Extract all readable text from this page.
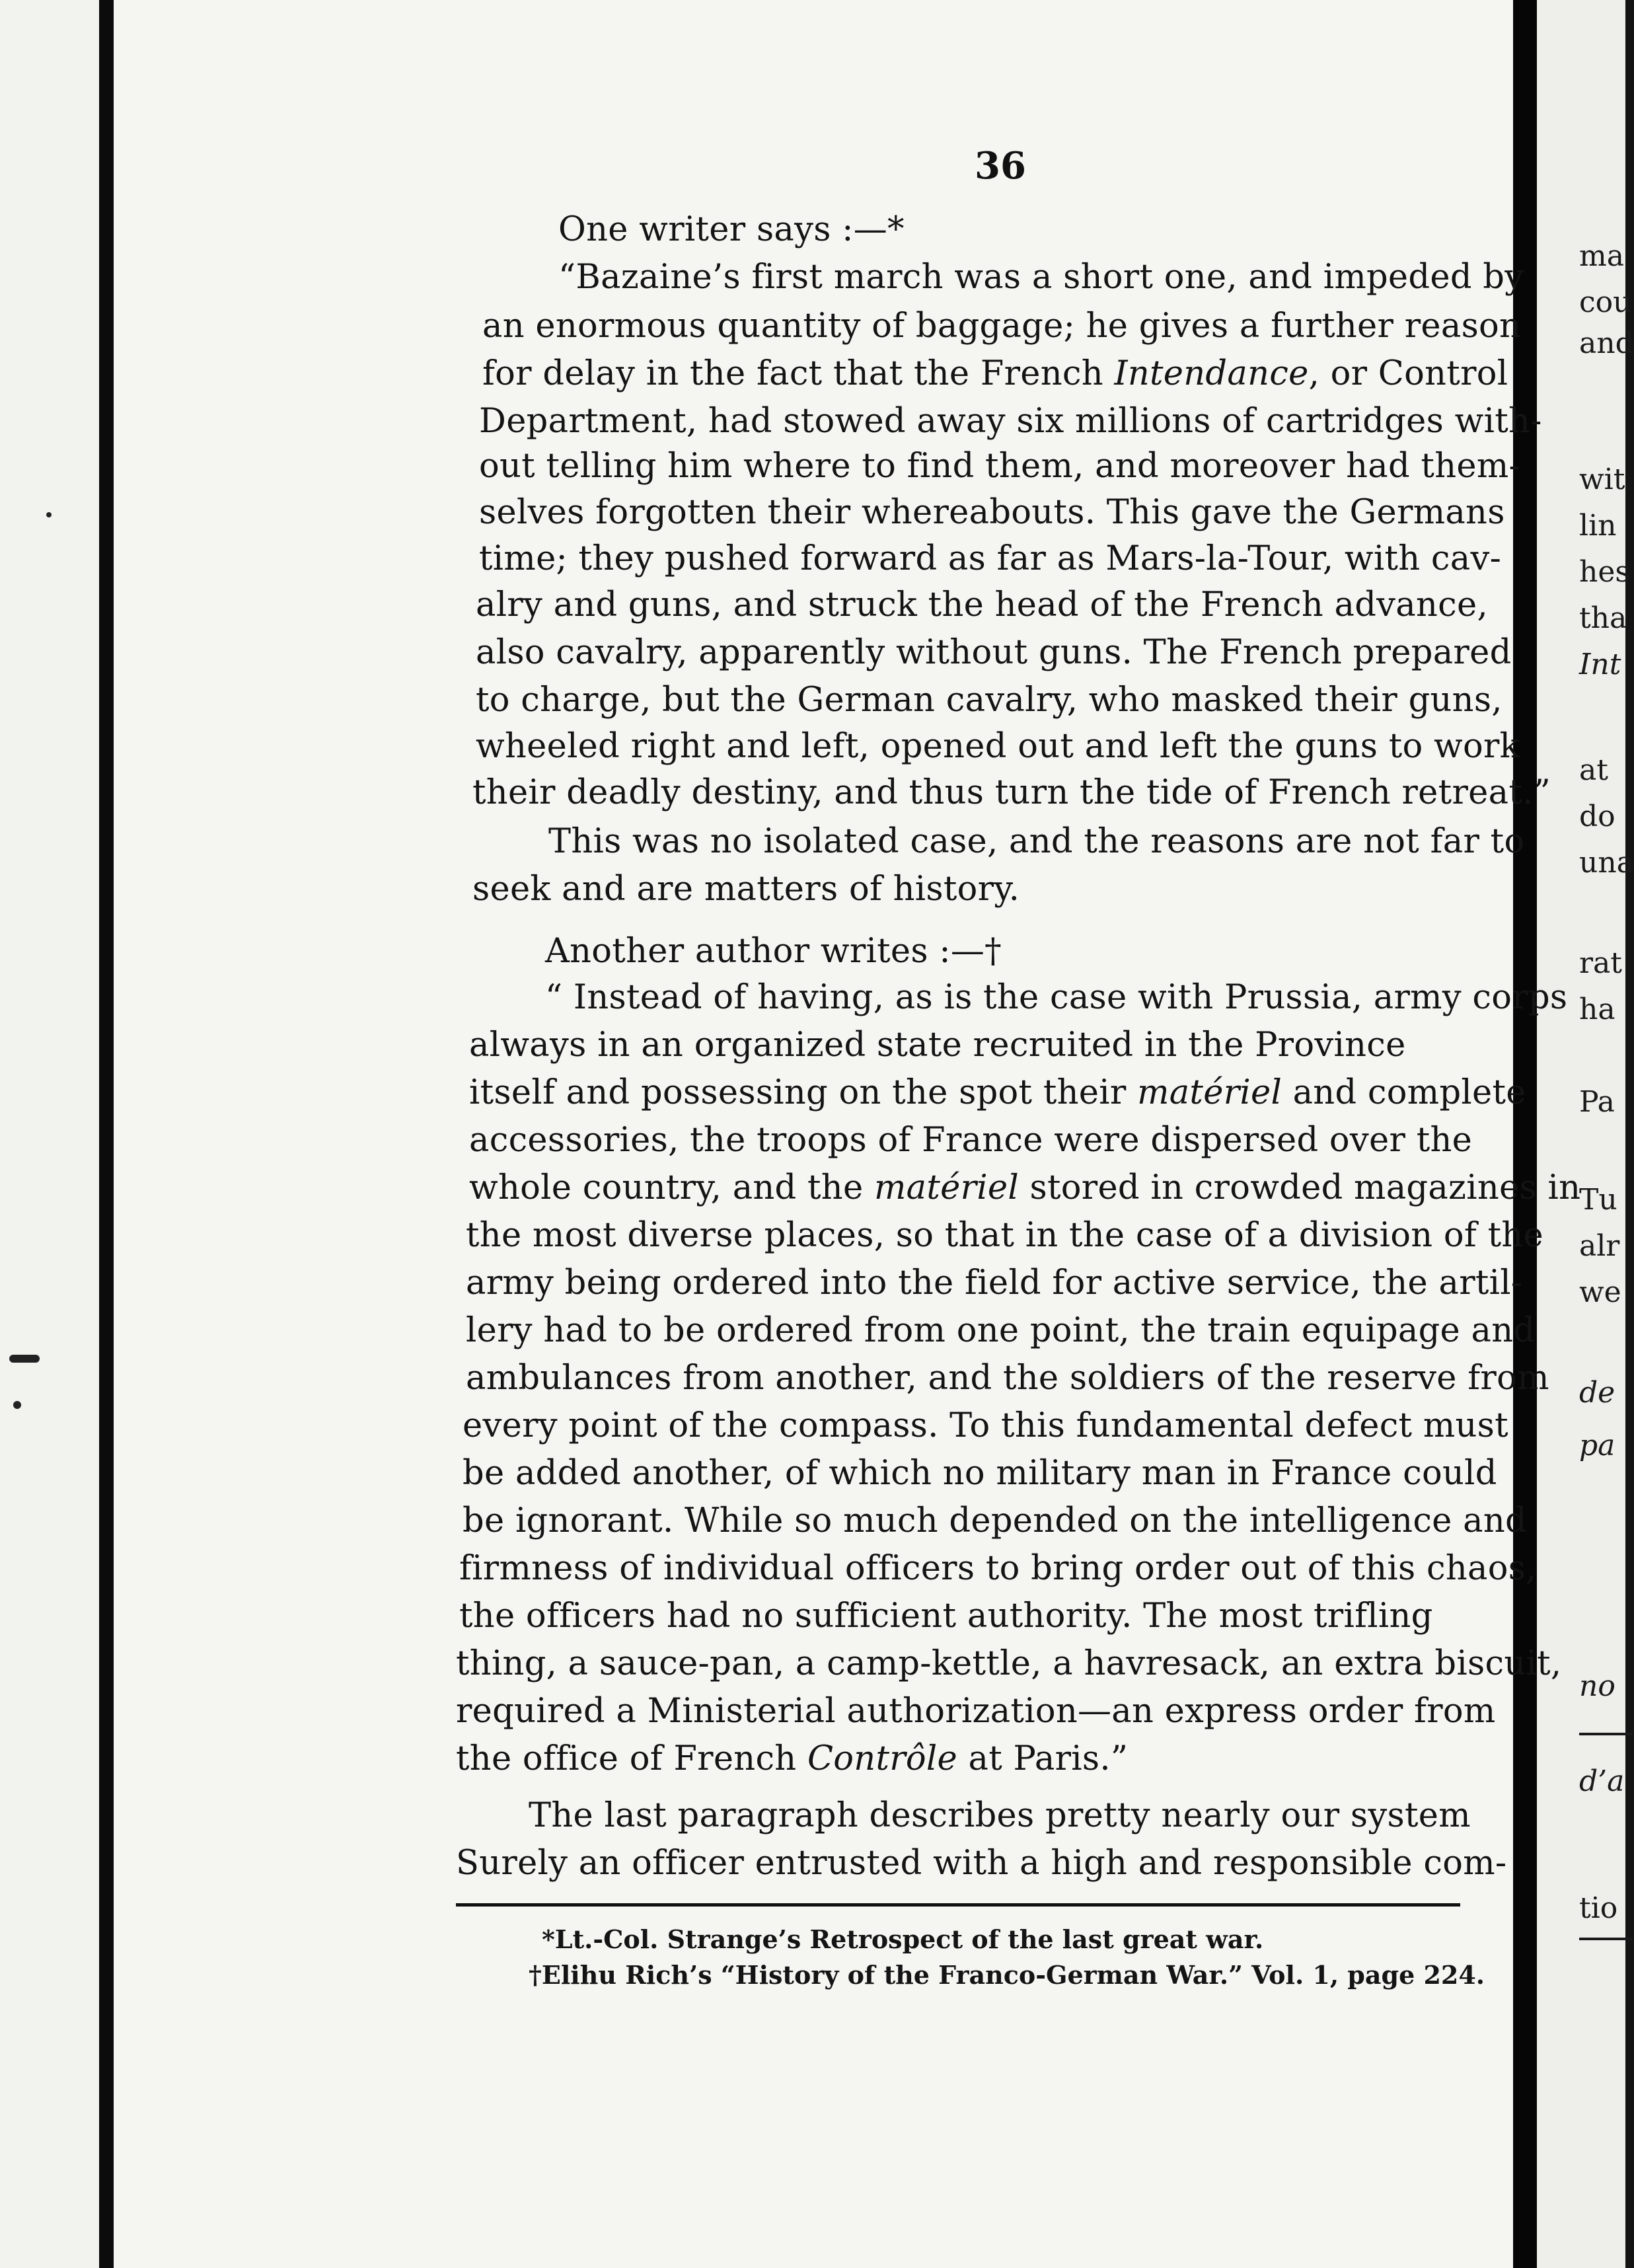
ma
cou
and
wit
lin
hes
tha
Int
at
do
una
rat
ha
Pa
Tu
alr
we
de
pa
no
d’a
tio
36
One writer says :—*
“Bazaine’s first march was a short one, and impeded by
an enormous quantity of baggage; he gives a further reason
for delay in the fact that the French Intendance, or Control
Department, had stowed away six millions of cartridges with-
out telling him where to find them, and moreover had them-
selves forgotten their whereabouts. This gave the Germans
time; they pushed forward as far as Mars-la-Tour, with cav-
alry and guns, and struck the head of the French advance,
also cavalry, apparently without guns. The French prepared
to charge, but the German cavalry, who masked their guns,
wheeled right and left, opened out and left the guns to work
their deadly destiny, and thus turn the tide of French retreat.”
This was no isolated case, and the reasons are not far to
seek and are matters of history.
Another author writes :—†
“ Instead of having, as is the case with Prussia, army corps
always in an organized state recruited in the Province
itself and possessing on the spot their matériel and complete
accessories, the troops of France were dispersed over the
whole country, and the matériel stored in crowded magazines in
the most diverse places, so that in the case of a division of the
army being ordered into the field for active service, the artil-
lery had to be ordered from one point, the train equipage and
ambulances from another, and the soldiers of the reserve from
every point of the compass. To this fundamental defect must
be added another, of which no military man in France could
be ignorant. While so much depended on the intelligence and
firmness of individual officers to bring order out of this chaos,
the officers had no sufficient authority. The most trifling
thing, a sauce-pan, a camp-kettle, a havresack, an extra biscuit,
required a Ministerial authorization—an express order from
the office of French Contrôle at Paris.”
The last paragraph describes pretty nearly our system
Surely an officer entrusted with a high and responsible com-
*Lt.-Col. Strange’s Retrospect of the last great war.
†Elihu Rich’s “History of the Franco-German War.” Vol. 1, page 224.
